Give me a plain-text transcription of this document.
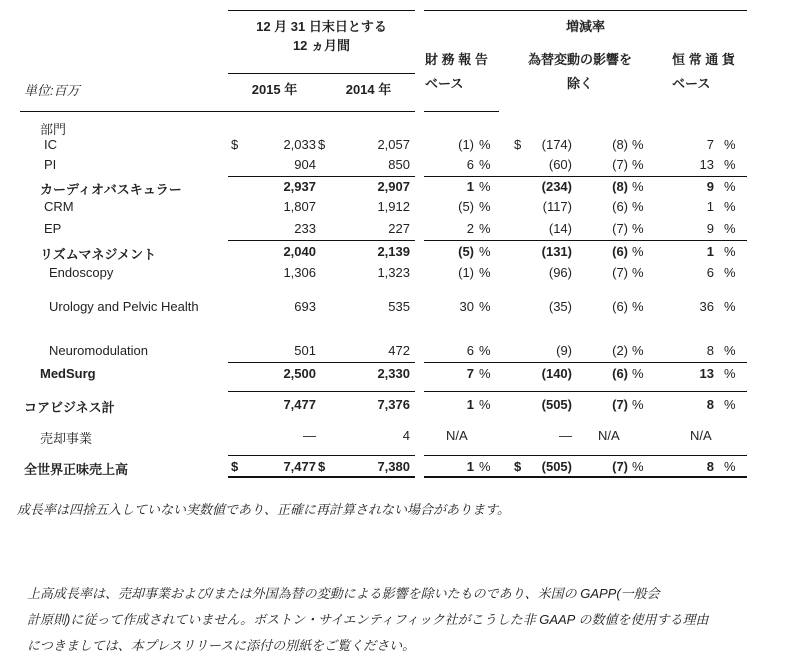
12 月 31 日末日とする
12 ヵ月間
単位:百万	2015 年	2014 年
増減率
財 務 報 告
ベース
為替変動の影響を
除く
恒 常 通 貨
ベース
部門
IC	$	2,033 $	2,057	(1) % $	(174)	(8) %	7 %
PI	904	850	6 %	(60)	(7) %	13 %
カーディオバスキュラー	2,937	2,907	1 %	(234)	(8) %	9 %
CRM	1,807	1,912	(5) %	(117)	(6) %	1 %
EP	233	227	2 %	(14)	(7) %	9 %
リズムマネジメント	2,040	2,139	(5) %	(131)	(6) %	1 %
Endoscopy	1,306	1,323	(1) %	(96)	(7) %	6 %
Urology and Pelvic Health	693	535	30 %	(35)	(6) %	36 %
Neuromodulation	501	472	6 %	(9)	(2) %	8 %
MedSurg	2,500	2,330	7 %	(140)	(6) %	13 %
コアビジネス計	7,477	7,376	1 %	(505)	(7) %	8 %
売却事業	—	4	N/A	— N/A	N/A
全世界正味売上高	$	7,477 $	7,380	1 % $	(505)	(7) %	8 %
成長率は四捨五入していない実数値であり、正確に再計算されない場合があります。
上高成長率は、売却事業および/または外国為替の変動による影響を除いたものであり、米国の GAPP(一般会
計原則)に従って作成されていません。ボストン・サイエンティフィック社がこうした非 GAAP の数値を使用する理由
につきましては、本プレスリリースに添付の別紙をご覧ください。
